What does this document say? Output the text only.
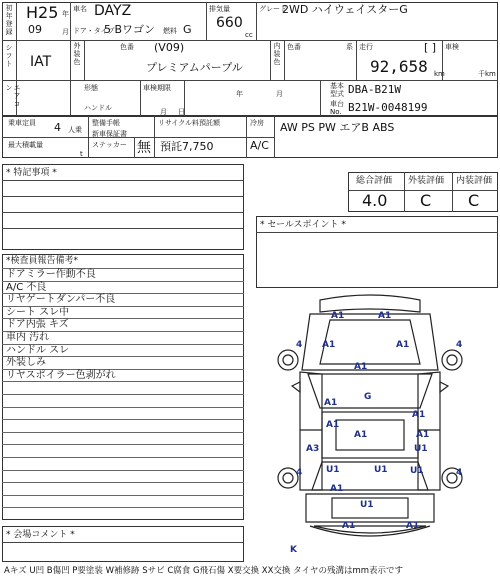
初年登録 H25 年
09	月
車名 DAYZ
ドア・タイプ
5 Bワゴン 燃料 G
排気量
660
cc
グレード
2WD ハイウェイスターG
シフト IAT	外装色	色番 (V09)
プレミアムパープル
内装色 色番	系 走行	[ ]
92,658 km
車検
千km
エアコン	形態
ハンドル
車検期限
月 日
年	月
基本型式 DBA-B21W
車台No. B21W-0048199
乗車定員 4 人乗
最大積載量
t
整備手帳
新車保証書
ステッカー 無
リサイクル料預託額
預託7,750
冷房
A/C
AW PS PW エアB ABS
* 特記事項 *
総合評価
4.0
外装評価
C
内装評価
C
* セールスポイント *
*検査員報告備考*
ドアミラー作動不良
A/C 不良
リヤゲートダンパー不良
シート スレ中
ドア内張 キズ
車内 汚れ
ハンドル スレ
外装しみ
リヤスポイラー色剥がれ
* 会場コメント *
A1	A1
A1	A1
4	4
A1
G
A1
A1
A1
A1
A3
A1
U1
U1	U1 U1
4	4
A1
U1
A1	A1
K
Aキズ U凹 B傷凹 P要塗装 W補修跡 Sサビ C腐食 G飛石傷 X要交換 XX交換 タイヤの残溝はmm表示です
